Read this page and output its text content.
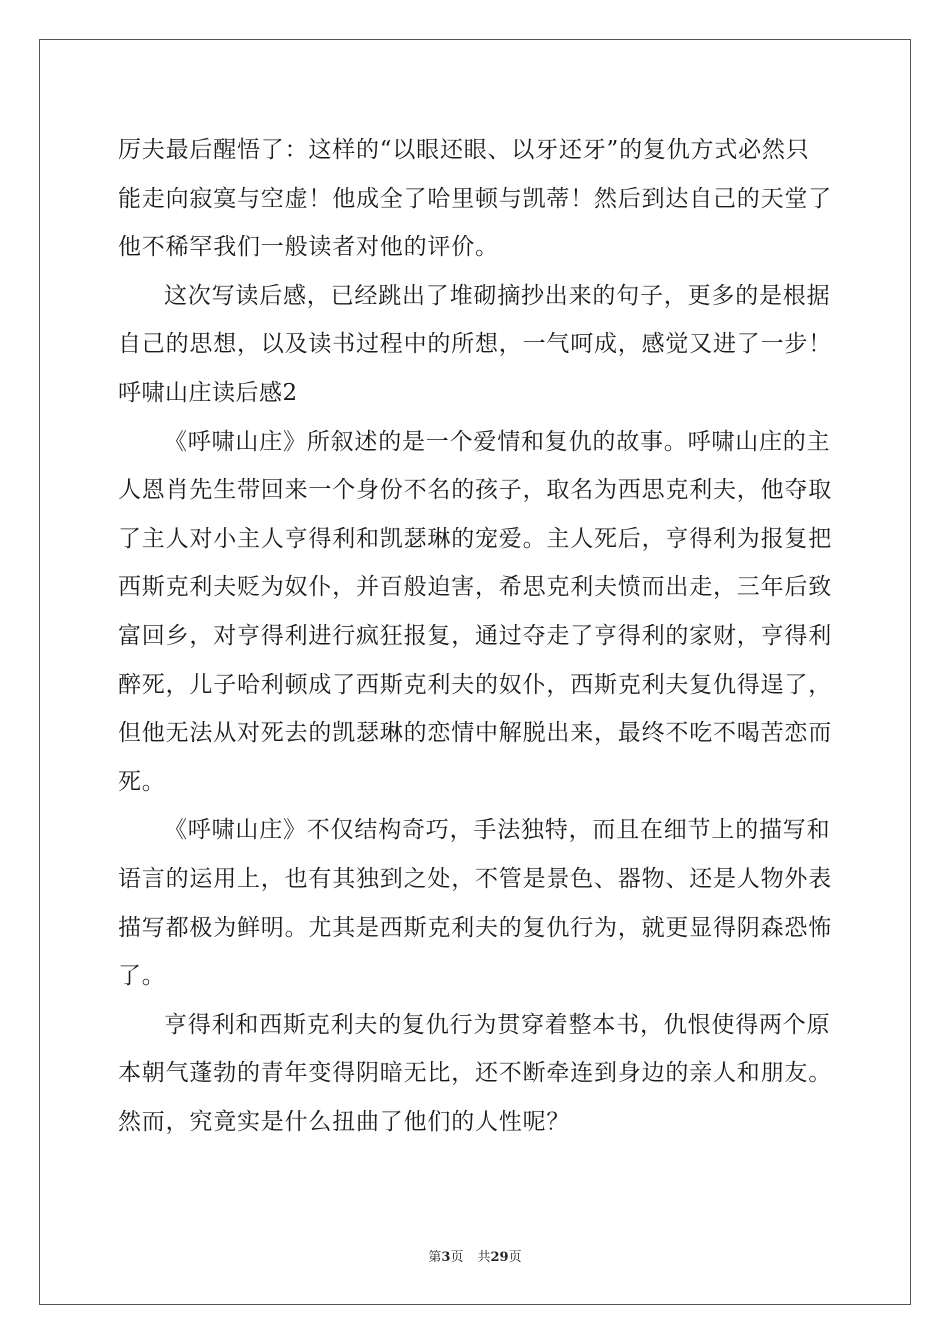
厉夫最后醒悟了：这样的“以眼还眼、以牙还牙”的复仇方式必然只
能走向寂寞与空虚！他成全了哈里顿与凯蒂！然后到达自己的天堂了
他不稀罕我们一般读者对他的评价。
这次写读后感，已经跳出了堆砌摘抄出来的句子，更多的是根据
自己的思想，以及读书过程中的所想，一气呵成，感觉又进了一步！
呼啸山庄读后感2
《呼啸山庄》所叙述的是一个爱情和复仇的故事。呼啸山庄的主
人恩肖先生带回来一个身份不名的孩子，取名为西思克利夫，他夺取
了主人对小主人亨得利和凯瑟琳的宠爱。主人死后，亨得利为报复把
西斯克利夫贬为奴仆，并百般迫害，希思克利夫愤而出走，三年后致
富回乡，对亨得利进行疯狂报复，通过夺走了亨得利的家财，亨得利
醉死，儿子哈利顿成了西斯克利夫的奴仆，西斯克利夫复仇得逞了，
但他无法从对死去的凯瑟琳的恋情中解脱出来，最终不吃不喝苦恋而
死。
《呼啸山庄》不仅结构奇巧，手法独特，而且在细节上的描写和
语言的运用上，也有其独到之处，不管是景色、器物、还是人物外表
描写都极为鲜明。尤其是西斯克利夫的复仇行为，就更显得阴森恐怖
了。
亨得利和西斯克利夫的复仇行为贯穿着整本书，仇恨使得两个原
本朝气蓬勃的青年变得阴暗无比，还不断牵连到身边的亲人和朋友。
然而，究竟实是什么扭曲了他们的人性呢？
第3页 共29页
